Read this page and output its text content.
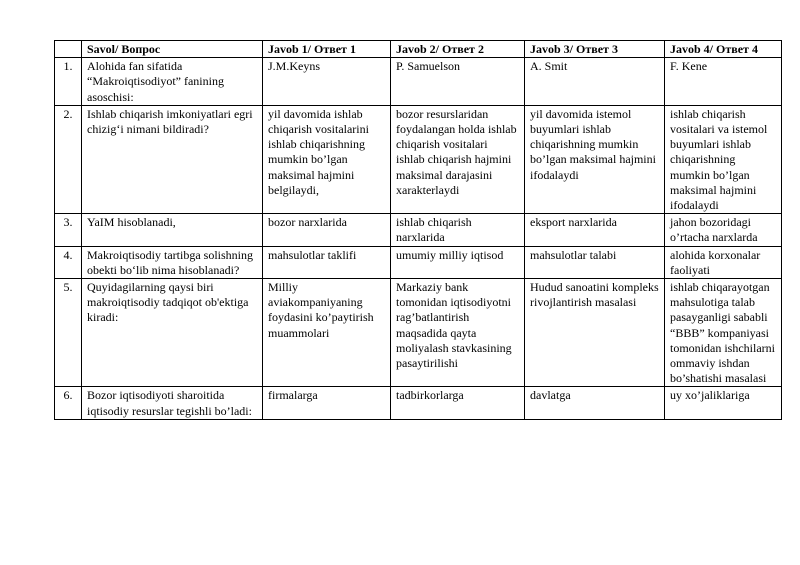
	Savol/ Вопрос	Javob 1/ Ответ 1	Javob 2/ Ответ 2	Javob 3/ Ответ 3	Javob 4/ Ответ 4
1.	Alohida fan sifatida “Makroiqtisodiyot” fanining asoschisi:	J.M.Keyns	P. Samuelson	A. Smit	F. Kene
2.	Ishlab chiqarish imkoniyatlari egri chizig‘i nimani bildiradi?	yil davomida ishlab chiqarish vositalarini ishlab chiqarishning mumkin bo’lgan maksimal hajmini belgilaydi,	bozor resurslaridan foydalangan holda ishlab chiqarish vositalari ishlab chiqarish hajmini maksimal darajasini xarakterlaydi	yil davomida istemol buyumlari ishlab chiqarishning mumkin bo’lgan maksimal hajmini ifodalaydi	ishlab chiqarish vositalari va istemol buyumlari ishlab chiqarishning mumkin bo’lgan maksimal hajmini ifodalaydi
3.	YaIM hisoblanadi,	bozor narxlarida	ishlab chiqarish narxlarida	eksport narxlarida	jahon bozoridagi o’rtacha narxlarda
4.	Makroiqtisodiy tartibga solishning obekti bo‘lib nima hisoblanadi?	mahsulotlar taklifi	umumiy milliy iqtisod	mahsulotlar talabi	alohida korxonalar faoliyati
5.	Quyidagilarning qaysi biri makroiqtisodiy tadqiqot ob'ektiga kiradi:	Milliy aviakompaniyaning foydasini ko’paytirish muammolari	Markaziy bank tomonidan iqtisodiyotni rag’batlantirish maqsadida qayta moliyalash stavkasining pasaytirilishi	Hudud sanoatini kompleks rivojlantirish masalasi	ishlab chiqarayotgan mahsulotiga talab pasayganligi sababli “BBB” kompaniyasi tomonidan ishchilarni ommaviy ishdan bo’shatishi masalasi
6.	Bozor iqtisodiyoti sharoitida iqtisodiy resurslar tegishli bo’ladi:	firmalarga	tadbirkorlarga	davlatga	uy xo’jaliklariga
